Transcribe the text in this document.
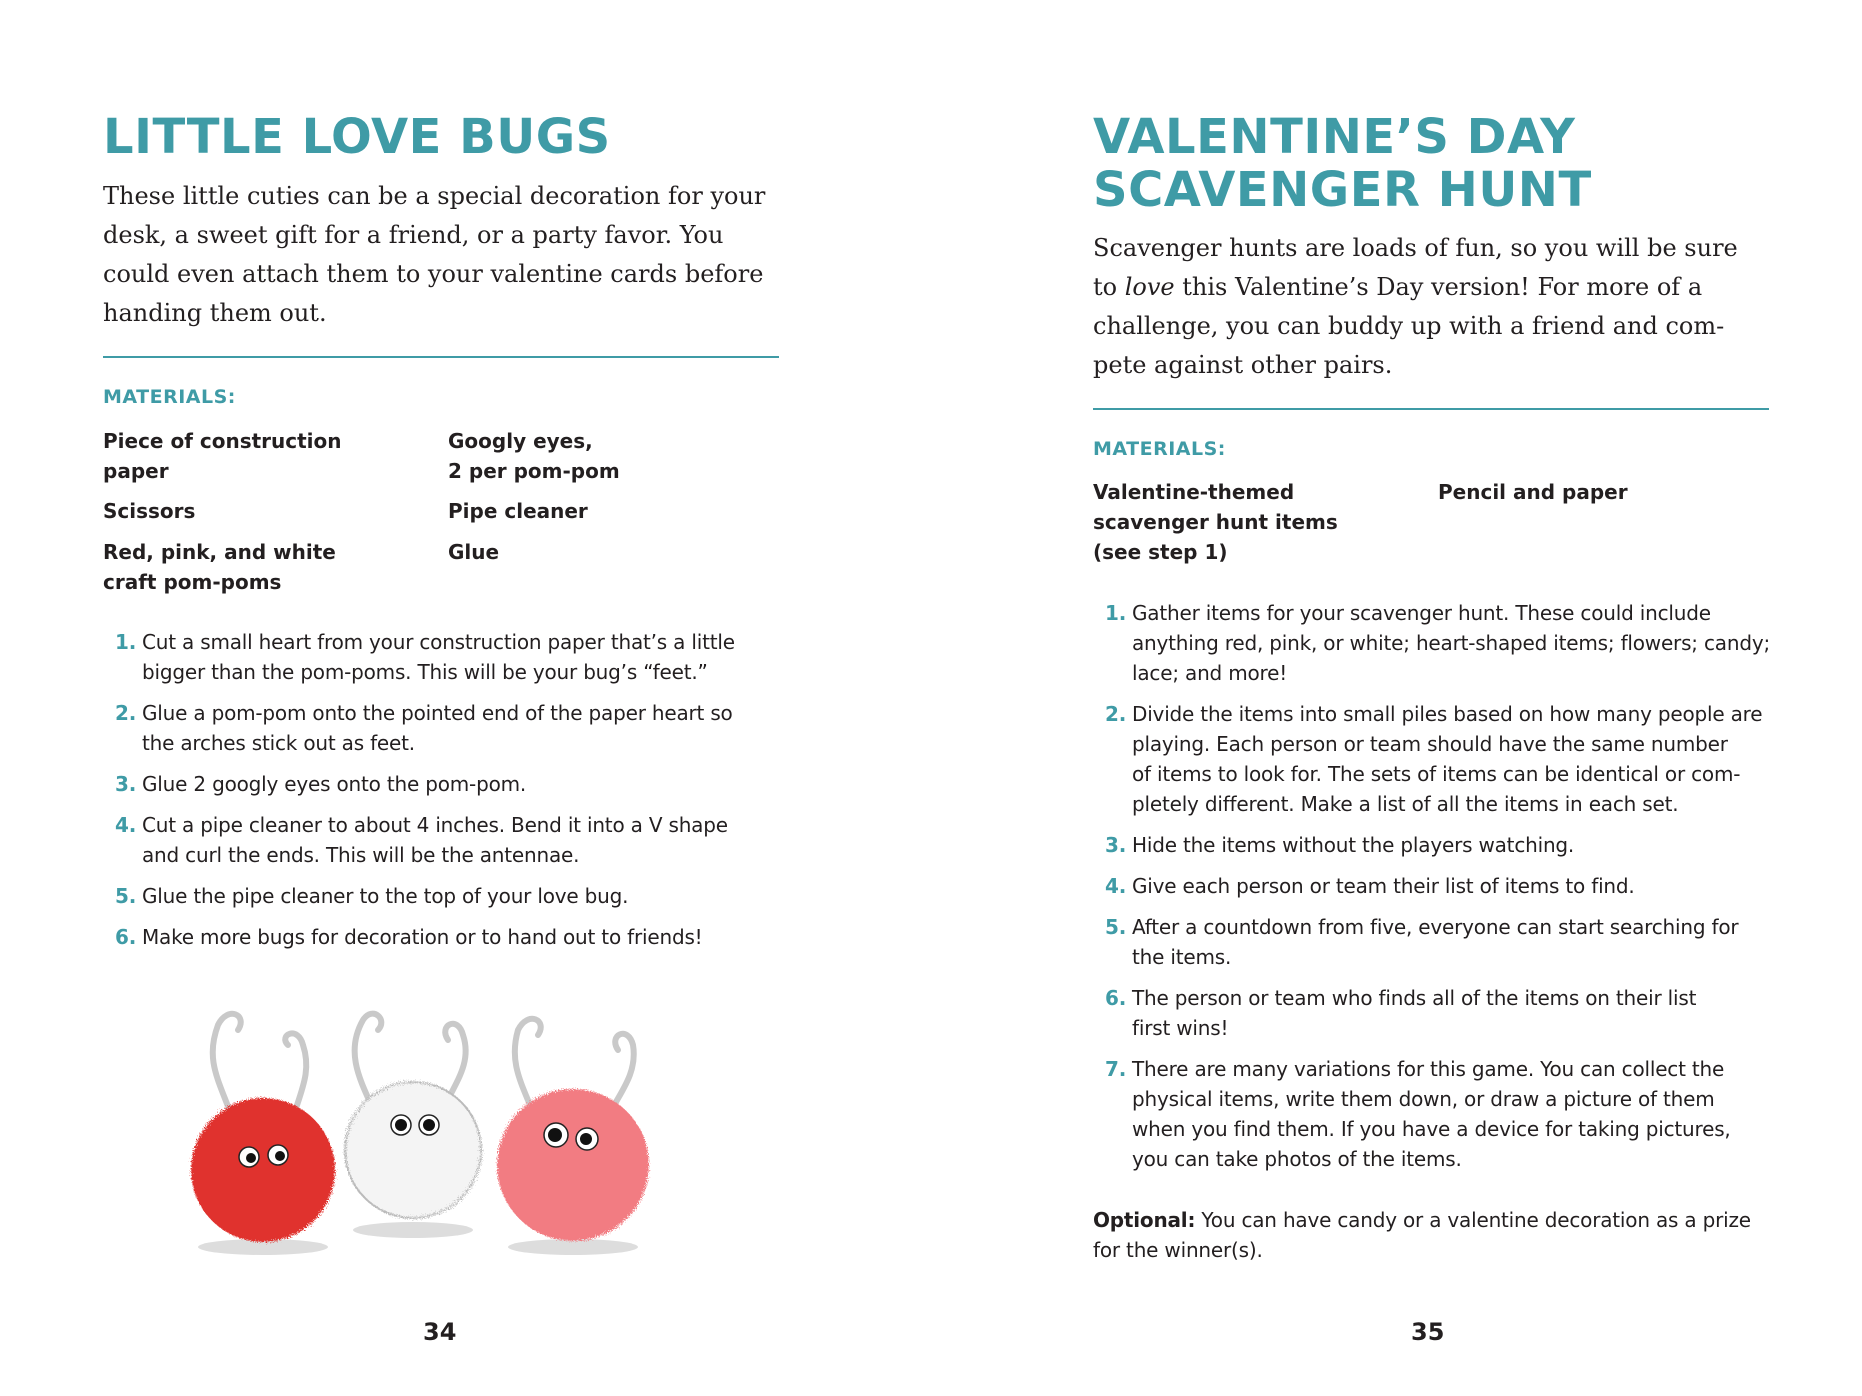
LITTLE LOVE BUGS

These little cuties can be a special decoration for your
desk, a sweet gift for a friend, or a party favor. You
could even attach them to your valentine cards before
handing them out.

MATERIALS:
Piece of construction
paper
Scissors
Red, pink, and white
craft pom-poms
Googly eyes,
2 per pom-pom
Pipe cleaner
Glue
1. Cut a small heart from your construction paper that’s a little
bigger than the pom-poms. This will be your bug’s “feet.”
2. Glue a pom-pom onto the pointed end of the paper heart so
the arches stick out as feet.
3. Glue 2 googly eyes onto the pom-pom.
4. Cut a pipe cleaner to about 4 inches. Bend it into a V shape
and curl the ends. This will be the antennae.
5. Glue the pipe cleaner to the top of your love bug.
6. Make more bugs for decoration or to hand out to friends!
34
VALENTINE’S DAY
SCAVENGER HUNT

Scavenger hunts are loads of fun, so you will be sure
to love this Valentine’s Day version! For more of a
challenge, you can buddy up with a friend and com-
pete against other pairs.

MATERIALS:
Valentine-themed
scavenger hunt items
(see step 1)
Pencil and paper
1. Gather items for your scavenger hunt. These could include
anything red, pink, or white; heart-shaped items; flowers; candy;
lace; and more!
2. Divide the items into small piles based on how many people are
playing. Each person or team should have the same number
of items to look for. The sets of items can be identical or com-
pletely different. Make a list of all the items in each set.
3. Hide the items without the players watching.
4. Give each person or team their list of items to find.
5. After a countdown from five, everyone can start searching for
the items.
6. The person or team who finds all of the items on their list
first wins!
7. There are many variations for this game. You can collect the
physical items, write them down, or draw a picture of them
when you find them. If you have a device for taking pictures,
you can take photos of the items.
Optional: You can have candy or a valentine decoration as a prize
for the winner(s).
35
